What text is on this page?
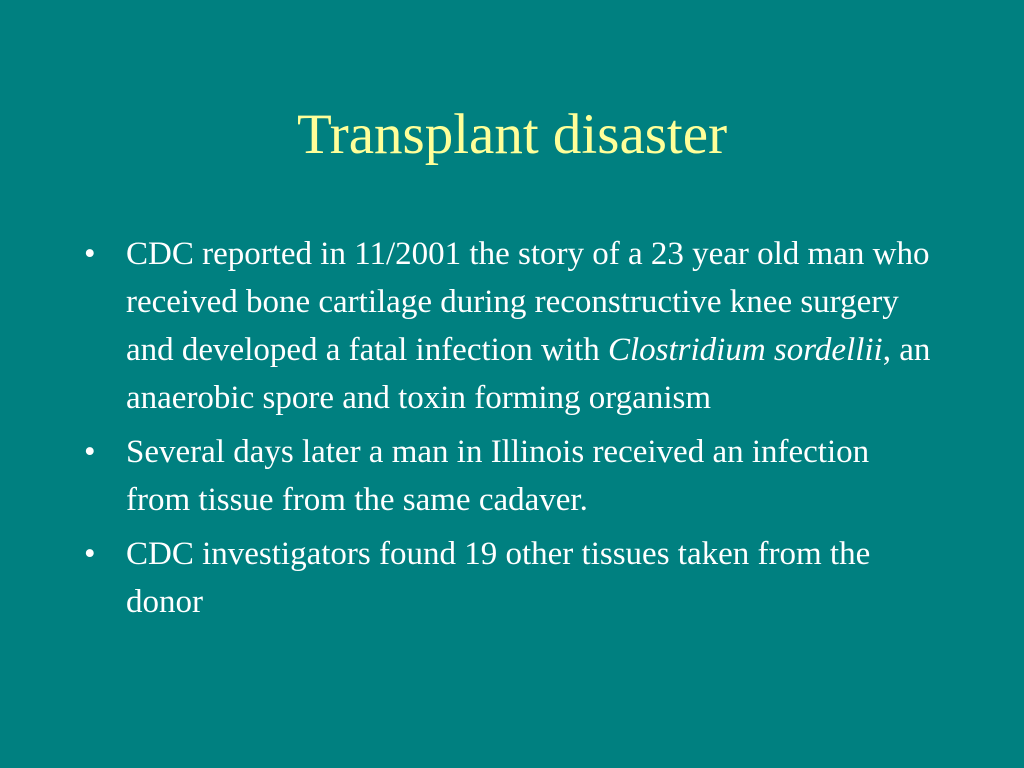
Transplant disaster
• CDC reported in 11/2001 the story of a 23 year old man who received bone cartilage during reconstructive knee surgery and developed a fatal infection with Clostridium sordellii, an anaerobic spore and toxin forming organism
• Several days later a man in Illinois received an infection from tissue from the same cadaver.
• CDC investigators found 19 other tissues taken from the donor
